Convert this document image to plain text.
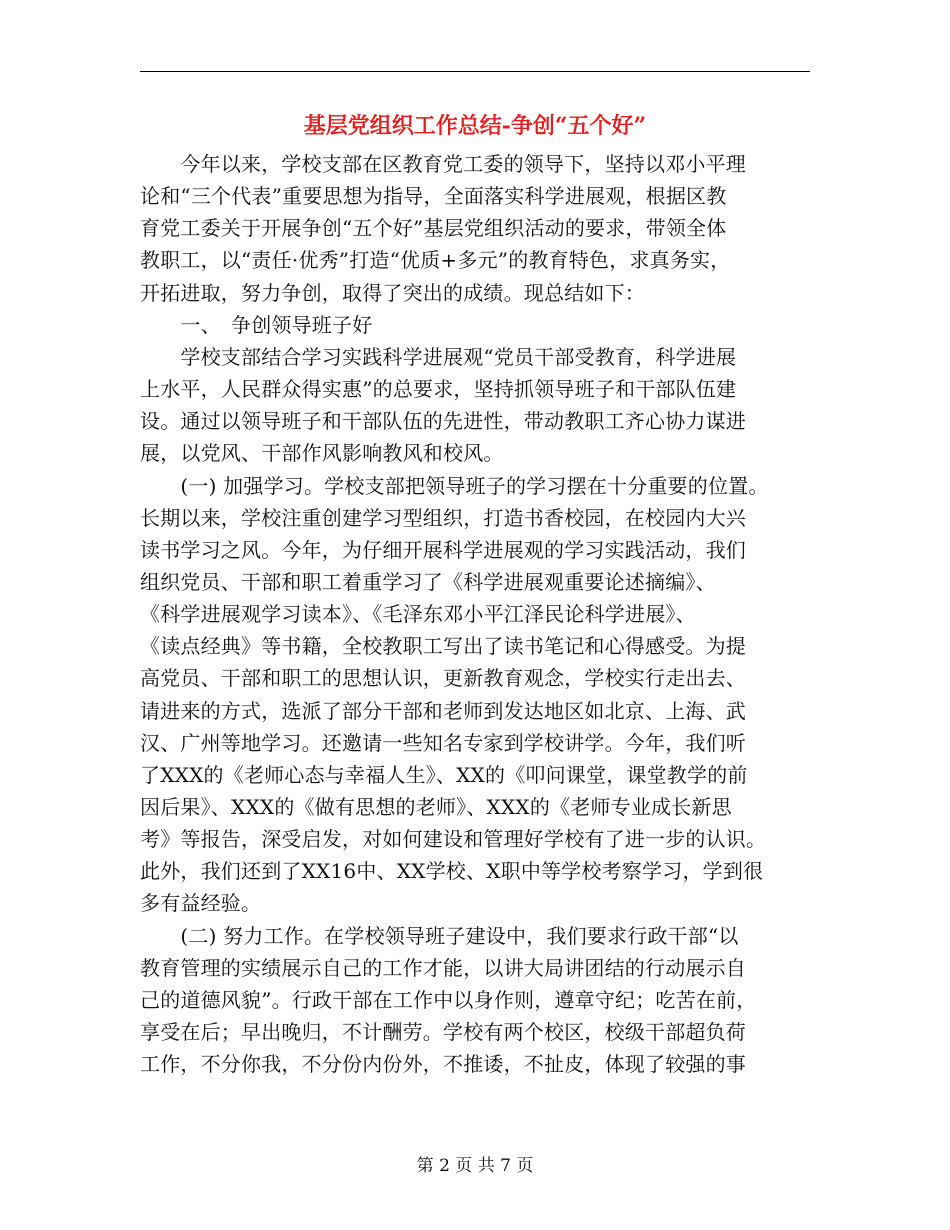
基层党组织工作总结-争创“五个好”
　　今年以来，学校支部在区教育党工委的领导下，坚持以邓小平理
论和“三个代表”重要思想为指导，全面落实科学进展观，根据区教
育党工委关于开展争创“五个好”基层党组织活动的要求，带领全体
教职工，以“责任·优秀”打造“优质+多元”的教育特色，求真务实，
开拓进取，努力争创，取得了突出的成绩。现总结如下：
　　一、　争创领导班子好
　　学校支部结合学习实践科学进展观“党员干部受教育，科学进展
上水平，人民群众得实惠”的总要求，坚持抓领导班子和干部队伍建
设。通过以领导班子和干部队伍的先进性，带动教职工齐心协力谋进
展，以党风、干部作风影响教风和校风。
　　(一) 加强学习。学校支部把领导班子的学习摆在十分重要的位置。
长期以来，学校注重创建学习型组织，打造书香校园，在校园内大兴
读书学习之风。今年，为仔细开展科学进展观的学习实践活动，我们
组织党员、干部和职工着重学习了《科学进展观重要论述摘编》、
《科学进展观学习读本》、《毛泽东邓小平江泽民论科学进展》、
《读点经典》等书籍，全校教职工写出了读书笔记和心得感受。为提
高党员、干部和职工的思想认识，更新教育观念，学校实行走出去、
请进来的方式，选派了部分干部和老师到发达地区如北京、上海、武
汉、广州等地学习。还邀请一些知名专家到学校讲学。今年，我们听
了XXX的《老师心态与幸福人生》、XX的《叩问课堂，课堂教学的前
因后果》、XXX的《做有思想的老师》、XXX的《老师专业成长新思
考》等报告，深受启发，对如何建设和管理好学校有了进一步的认识。
此外，我们还到了XX16中、XX学校、X职中等学校考察学习，学到很
多有益经验。
　　(二) 努力工作。在学校领导班子建设中，我们要求行政干部“以
教育管理的实绩展示自己的工作才能，以讲大局讲团结的行动展示自
己的道德风貌”。行政干部在工作中以身作则，遵章守纪；吃苦在前，
享受在后；早出晚归，不计酬劳。学校有两个校区，校级干部超负荷
工作，不分你我，不分份内份外，不推诿，不扯皮，体现了较强的事
第 2 页 共 7 页
